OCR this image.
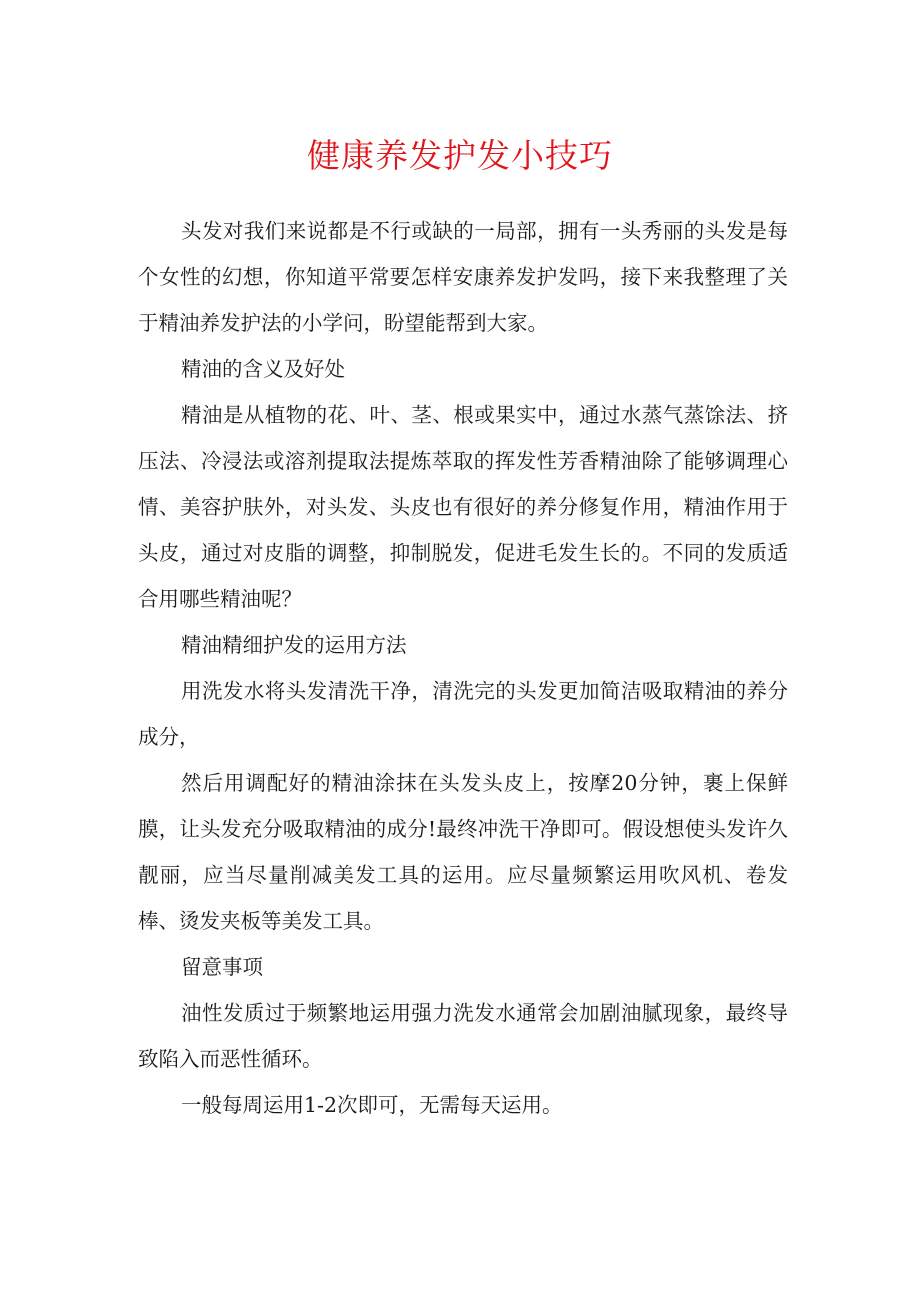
健康养发护发小技巧

头发对我们来说都是不行或缺的一局部，拥有一头秀丽的头发是每个女性的幻想，你知道平常要怎样安康养发护发吗，接下来我整理了关于精油养发护法的小学问，盼望能帮到大家。

精油的含义及好处

精油是从植物的花、叶、茎、根或果实中，通过水蒸气蒸馀法、挤压法、冷浸法或溶剂提取法提炼萃取的挥发性芳香精油除了能够调理心情、美容护肤外，对头发、头皮也有很好的养分修复作用，精油作用于头皮，通过对皮脂的调整，抑制脱发，促进毛发生长的。不同的发质适合用哪些精油呢？

精油精细护发的运用方法

用洗发水将头发清洗干净，清洗完的头发更加简洁吸取精油的养分成分，

然后用调配好的精油涂抹在头发头皮上，按摩20分钟，裹上保鲜膜，让头发充分吸取精油的成分!最终冲洗干净即可。假设想使头发许久靓丽，应当尽量削减美发工具的运用。应尽量频繁运用吹风机、卷发棒、烫发夹板等美发工具。

留意事项

油性发质过于频繁地运用强力洗发水通常会加剧油腻现象，最终导致陷入而恶性循环。

一般每周运用1-2次即可，无需每天运用。
